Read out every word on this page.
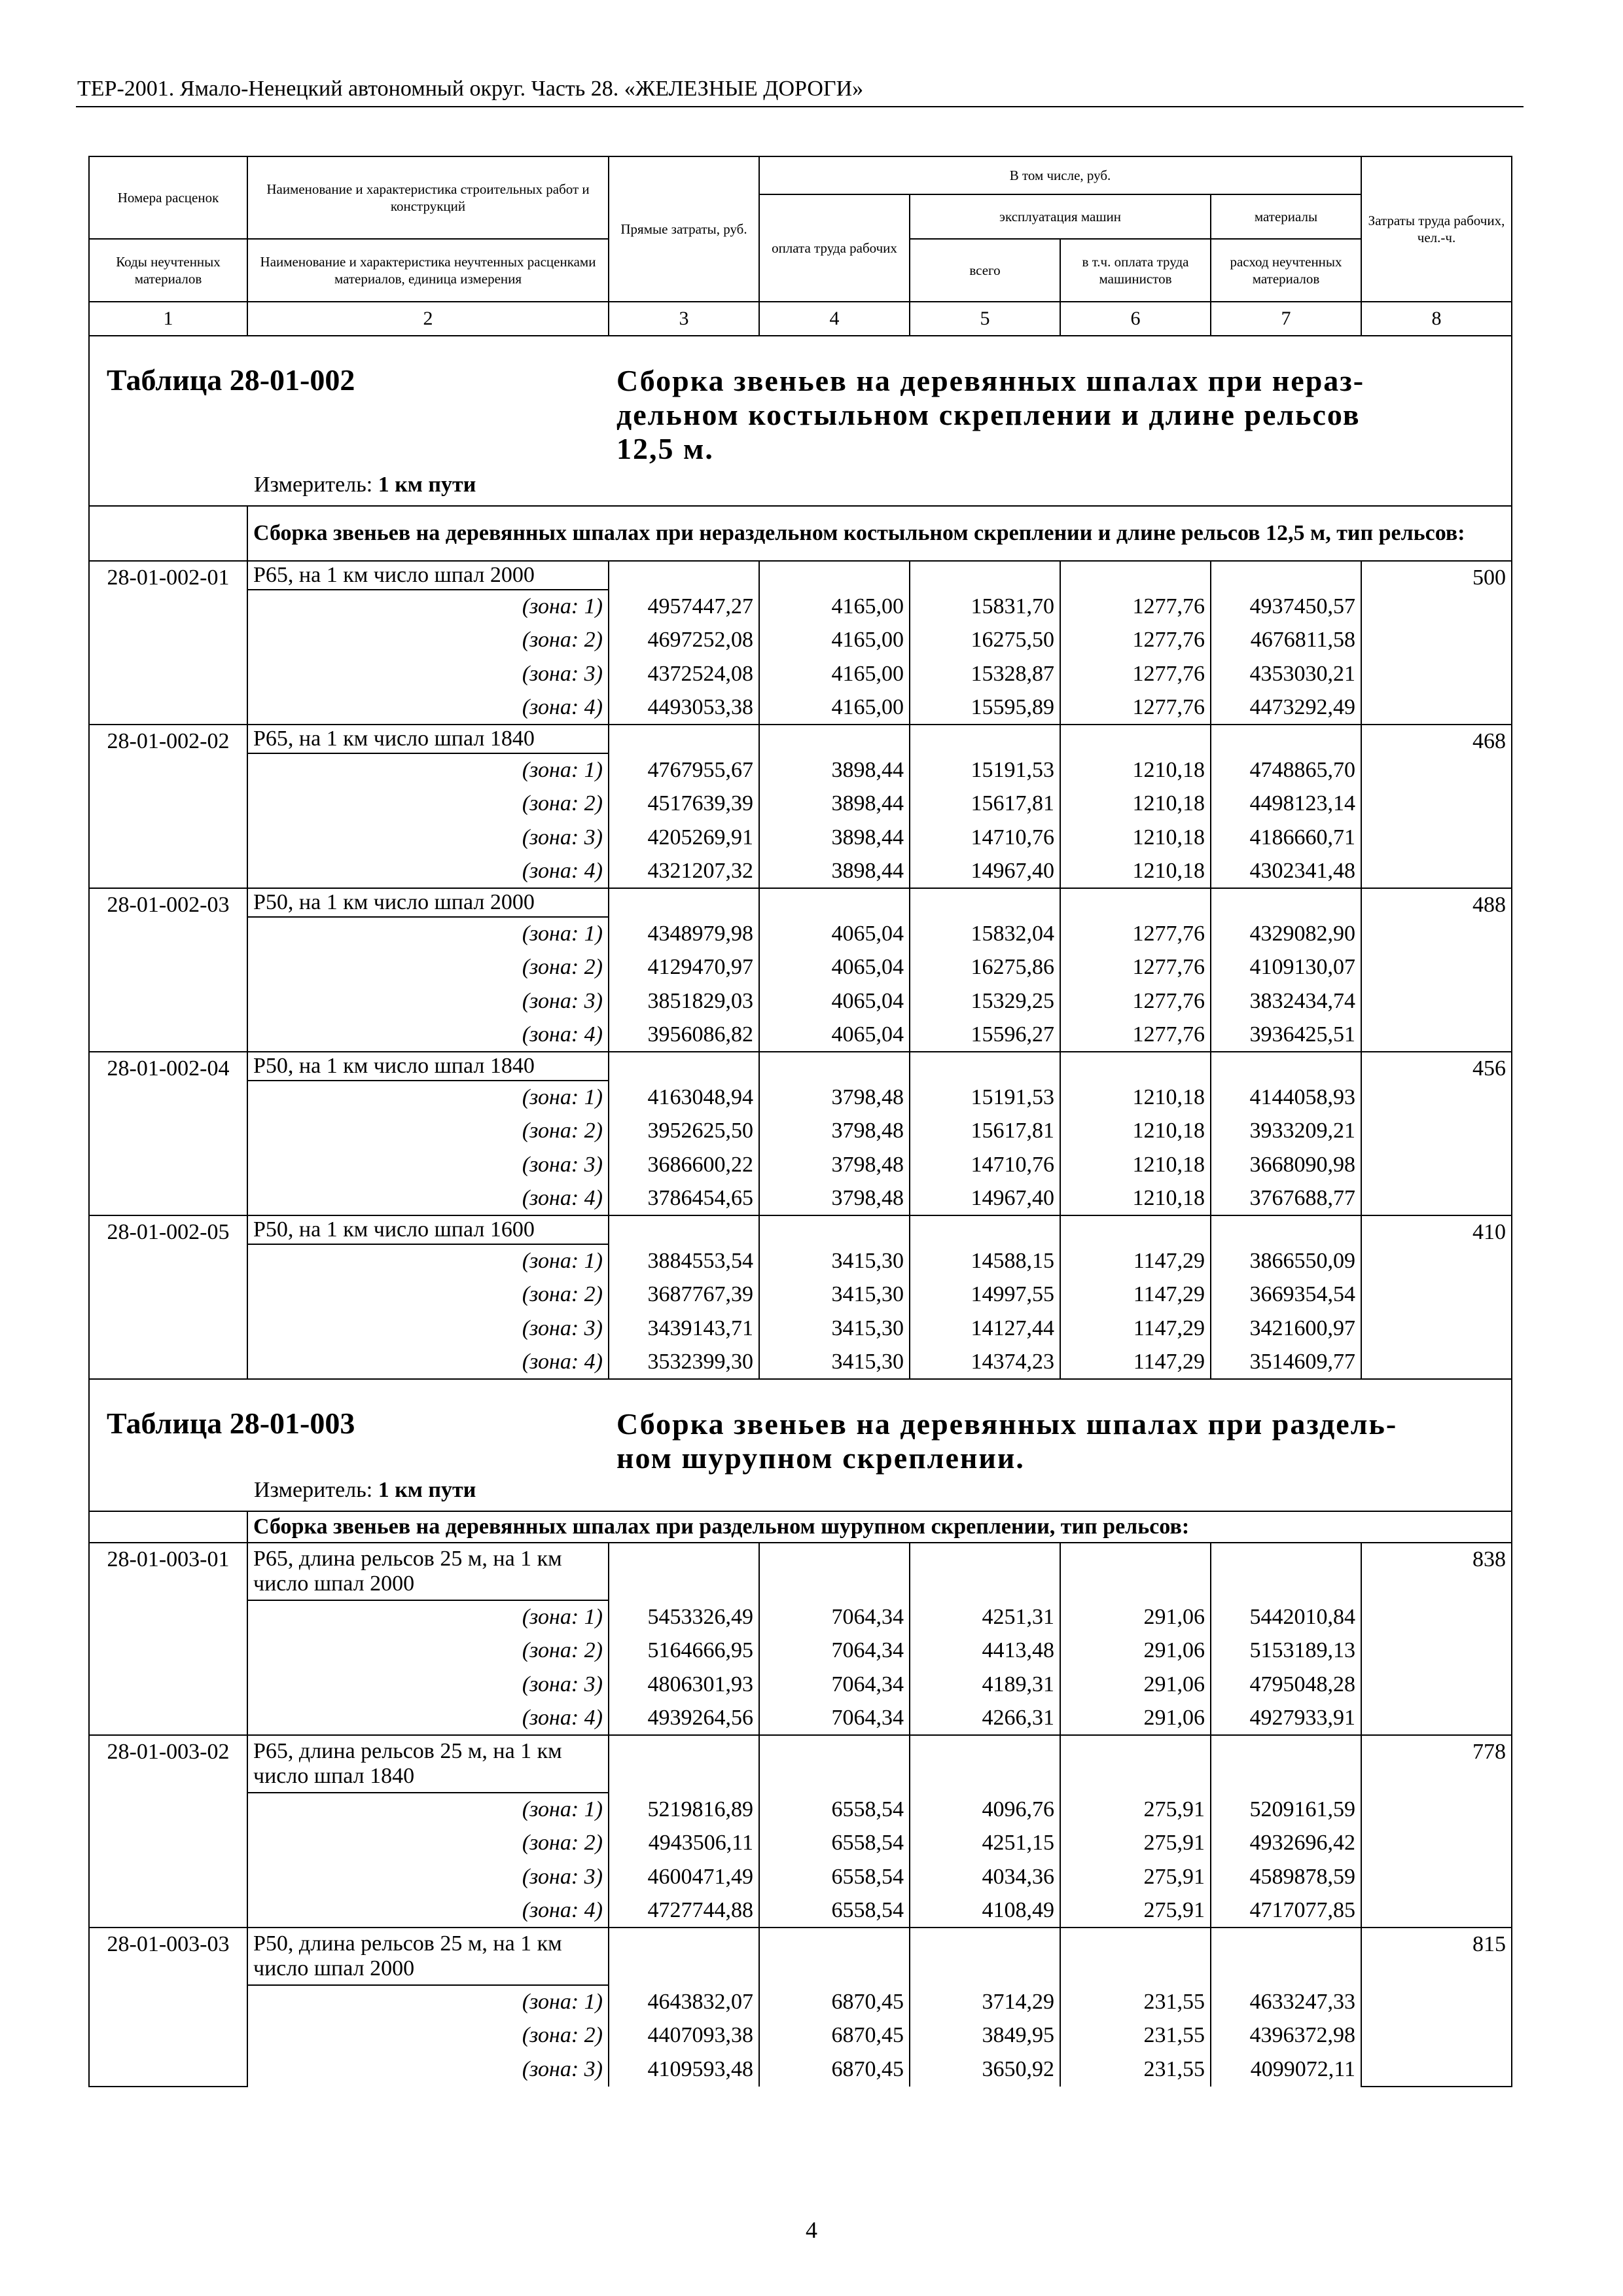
ТЕР-2001. Ямало-Ненецкий автономный округ. Часть 28. «ЖЕЛЕЗНЫЕ ДОРОГИ»
Номера расценок	Наименование и характеристика строительных работ и конструкций	Прямые затраты, руб.	В том числе, руб.				Затраты труда рабочих, чел.-ч.
			оплата труда рабочих	эксплуатация машин		материалы	
Коды неучтенных материалов	Наименование и характеристика неучтенных расценками материалов, единица измерения			всего	в т.ч. оплата труда машинистов	расход неучтенных материалов	

1	2	3	4	5	6	7	8

Таблица 28-01-002 Сборка звеньев на деревянных шпалах при нераз-дельном костыльном скреплении и длине рельсов 12,5 м.
Измеритель: 1 км пути							

	Сборка звеньев на деревянных шпалах при нераздельном костыльном скреплении и длине рельсов 12,5 м, тип рельсов:						
28-01-002-01	Р65, на 1 км число шпал 2000						500
	(зона: 1)	4957447,27	4165,00	15831,70	1277,76	4937450,57	
	(зона: 2)	4697252,08	4165,00	16275,50	1277,76	4676811,58	
	(зона: 3)	4372524,08	4165,00	15328,87	1277,76	4353030,21	
	(зона: 4)	4493053,38	4165,00	15595,89	1277,76	4473292,49	
28-01-002-02	Р65, на 1 км число шпал 1840						468
	(зона: 1)	4767955,67	3898,44	15191,53	1210,18	4748865,70	
	(зона: 2)	4517639,39	3898,44	15617,81	1210,18	4498123,14	
	(зона: 3)	4205269,91	3898,44	14710,76	1210,18	4186660,71	
	(зона: 4)	4321207,32	3898,44	14967,40	1210,18	4302341,48	
28-01-002-03	Р50, на 1 км число шпал 2000						488
	(зона: 1)	4348979,98	4065,04	15832,04	1277,76	4329082,90	
	(зона: 2)	4129470,97	4065,04	16275,86	1277,76	4109130,07	
	(зона: 3)	3851829,03	4065,04	15329,25	1277,76	3832434,74	
	(зона: 4)	3956086,82	4065,04	15596,27	1277,76	3936425,51	
28-01-002-04	Р50, на 1 км число шпал 1840						456
	(зона: 1)	4163048,94	3798,48	15191,53	1210,18	4144058,93	
	(зона: 2)	3952625,50	3798,48	15617,81	1210,18	3933209,21	
	(зона: 3)	3686600,22	3798,48	14710,76	1210,18	3668090,98	
	(зона: 4)	3786454,65	3798,48	14967,40	1210,18	3767688,77	
28-01-002-05	Р50, на 1 км число шпал 1600						410
	(зона: 1)	3884553,54	3415,30	14588,15	1147,29	3866550,09	
	(зона: 2)	3687767,39	3415,30	14997,55	1147,29	3669354,54	
	(зона: 3)	3439143,71	3415,30	14127,44	1147,29	3421600,97	
	(зона: 4)	3532399,30	3415,30	14374,23	1147,29	3514609,77	

Таблица 28-01-003 Сборка звеньев на деревянных шпалах при раздель-ном шурупном скреплении.
Измеритель: 1 км пути							

	Сборка звеньев на деревянных шпалах при раздельном шурупном скреплении, тип рельсов:						
28-01-003-01	Р65, длина рельсов 25 м, на 1 км число шпал 2000						838
	(зона: 1)	5453326,49	7064,34	4251,31	291,06	5442010,84	
	(зона: 2)	5164666,95	7064,34	4413,48	291,06	5153189,13	
	(зона: 3)	4806301,93	7064,34	4189,31	291,06	4795048,28	
	(зона: 4)	4939264,56	7064,34	4266,31	291,06	4927933,91	
28-01-003-02	Р65, длина рельсов 25 м, на 1 км число шпал 1840						778
	(зона: 1)	5219816,89	6558,54	4096,76	275,91	5209161,59	
	(зона: 2)	4943506,11	6558,54	4251,15	275,91	4932696,42	
	(зона: 3)	4600471,49	6558,54	4034,36	275,91	4589878,59	
	(зона: 4)	4727744,88	6558,54	4108,49	275,91	4717077,85	
28-01-003-03	Р50, длина рельсов 25 м, на 1 км число шпал 2000						815
	(зона: 1)	4643832,07	6870,45	3714,29	231,55	4633247,33	
	(зона: 2)	4407093,38	6870,45	3849,95	231,55	4396372,98	
	(зона: 3)	4109593,48	6870,45	3650,92	231,55	4099072,11	
4
